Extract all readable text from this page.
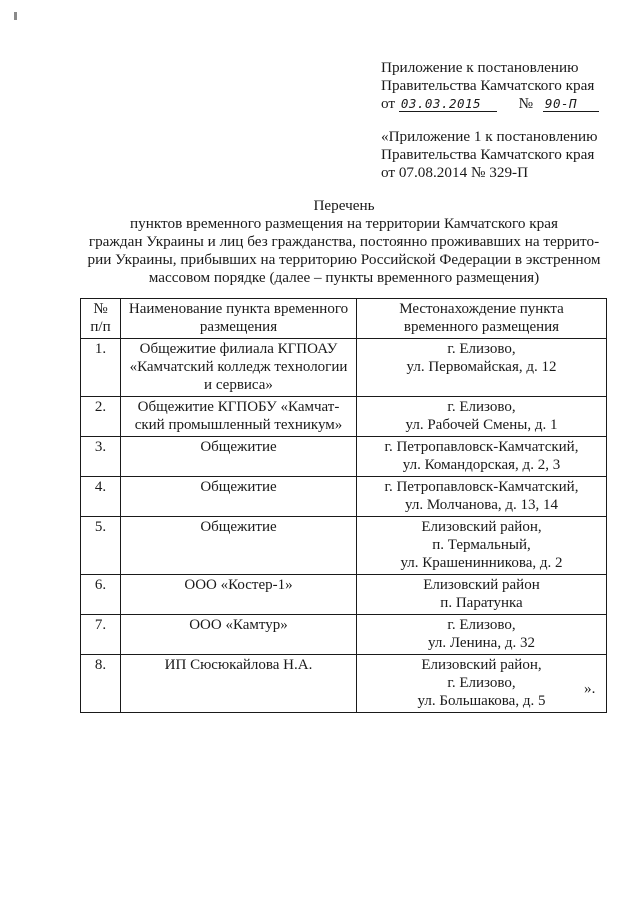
Приложение к постановлению
Правительства Камчатского края
от 03.03.2015 № 90-П
«Приложение 1 к постановлению
Правительства Камчатского края
от 07.08.2014 № 329-П
Перечень
пунктов временного размещения на территории Камчатского края
граждан Украины и лиц без гражданства, постоянно проживавших на террито-
рии Украины, прибывших на территорию Российской Федерации в экстренном
массовом порядке (далее – пункты временного размещения)
№
п/п	Наименование пункта временного
размещения	Местонахождение пункта
временного размещения

1.	Общежитие филиала КГПОАУ
«Камчатский колледж технологии
и сервиса»	г. Елизово,
ул. Первомайская, д. 12

2.	Общежитие КГПОБУ «Камчат-
ский промышленный техникум»	г. Елизово,
ул. Рабочей Смены, д. 1

3.	Общежитие	г. Петропавловск-Камчатский,
ул. Командорская, д. 2, 3

4.	Общежитие	г. Петропавловск-Камчатский,
ул. Молчанова, д. 13, 14

5.	Общежитие	Елизовский район,
п. Термальный,
ул. Крашенинникова, д. 2

6.	ООО «Костер-1»	Елизовский район
п. Паратунка

7.	ООО «Камтур»	г. Елизово,
ул. Ленина, д. 32

8.	ИП Сюсюкайлова Н.А.	Елизовский район,
г. Елизово,
ул. Большакова, д. 5
».
